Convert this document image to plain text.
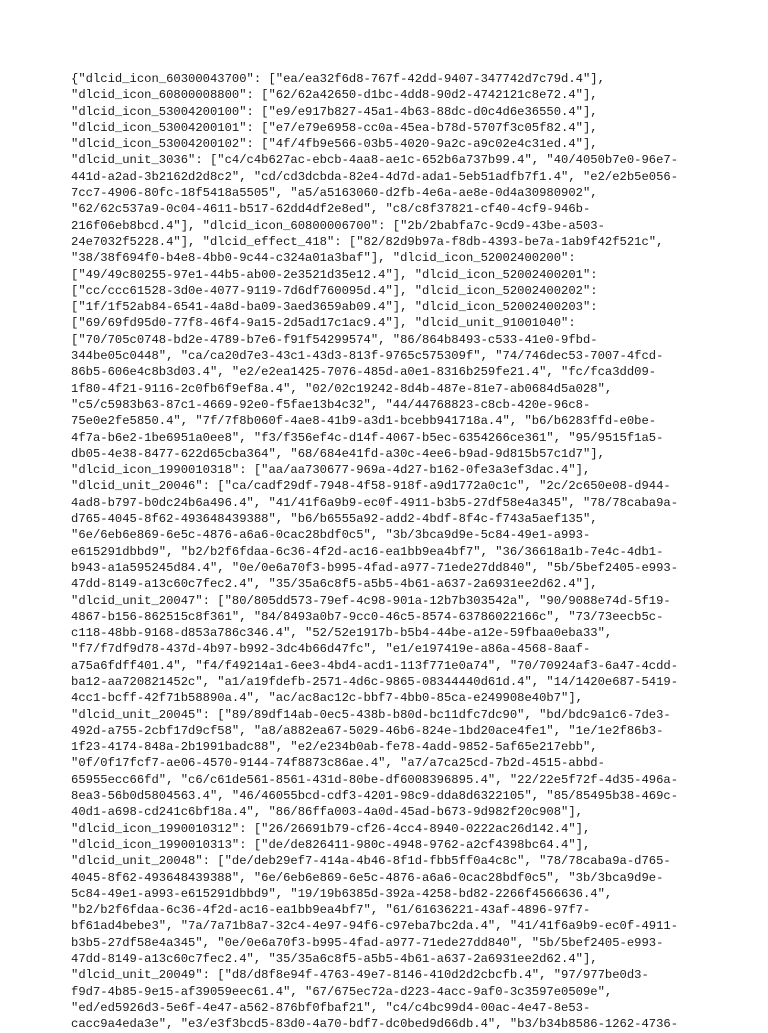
{"dlcid_icon_60300043700": ["ea/ea32f6d8-767f-42dd-9407-347742d7c79d.4"],
"dlcid_icon_60800008800": ["62/62a42650-d1bc-4dd8-90d2-4742121c8e72.4"],
"dlcid_icon_53004200100": ["e9/e917b827-45a1-4b63-88dc-d0c4d6e36550.4"],
"dlcid_icon_53004200101": ["e7/e79e6958-cc0a-45ea-b78d-5707f3c05f82.4"],
"dlcid_icon_53004200102": ["4f/4fb9e566-03b5-4020-9a2c-a9c02e4c31ed.4"],
"dlcid_unit_3036": ["c4/c4b627ac-ebcb-4aa8-ae1c-652b6a737b99.4", "40/4050b7e0-96e7-
441d-a2ad-3b2162d2d8c2", "cd/cd3dcbda-82e4-4d7d-ada1-5eb51adfb7f1.4", "e2/e2b5e056-
7cc7-4906-80fc-18f5418a5505", "a5/a5163060-d2fb-4e6a-ae8e-0d4a30980902",
"62/62c537a9-0c04-4611-b517-62dd4df2e8ed", "c8/c8f37821-cf40-4cf9-946b-
216f06eb8bcd.4"], "dlcid_icon_60800006700": ["2b/2babfa7c-9cd9-43be-a503-
24e7032f5228.4"], "dlcid_effect_418": ["82/82d9b97a-f8db-4393-be7a-1ab9f42f521c",
"38/38f694f0-b4e8-4bb0-9c44-c324a01a3baf"], "dlcid_icon_52002400200":
["49/49c80255-97e1-44b5-ab00-2e3521d35e12.4"], "dlcid_icon_52002400201":
["cc/ccc61528-3d0e-4077-9119-7d6df760095d.4"], "dlcid_icon_52002400202":
["1f/1f52ab84-6541-4a8d-ba09-3aed3659ab09.4"], "dlcid_icon_52002400203":
["69/69fd95d0-77f8-46f4-9a15-2d5ad17c1ac9.4"], "dlcid_unit_91001040":
["70/705c0748-bd2e-4789-b7e6-f91f54299574", "86/864b8493-c533-41e0-9fbd-
344be05c0448", "ca/ca20d7e3-43c1-43d3-813f-9765c575309f", "74/746dec53-7007-4fcd-
86b5-606e4c8b3d03.4", "e2/e2ea1425-7076-485d-a0e1-8316b259fe21.4", "fc/fca3dd09-
1f80-4f21-9116-2c0fb6f9ef8a.4", "02/02c19242-8d4b-487e-81e7-ab0684d5a028",
"c5/c5983b63-87c1-4669-92e0-f5fae13b4c32", "44/44768823-c8cb-420e-96c8-
75e0e2fe5850.4", "7f/7f8b060f-4ae8-41b9-a3d1-bcebb941718a.4", "b6/b6283ffd-e0be-
4f7a-b6e2-1be6951a0ee8", "f3/f356ef4c-d14f-4067-b5ec-6354266ce361", "95/9515f1a5-
db05-4e38-8477-622d65cba364", "68/684e41fd-a30c-4ee6-b9ad-9d815b57c1d7"],
"dlcid_icon_1990010318": ["aa/aa730677-969a-4d27-b162-0fe3a3ef3dac.4"],
"dlcid_unit_20046": ["ca/cadf29df-7948-4f58-918f-a9d1772a0c1c", "2c/2c650e08-d944-
4ad8-b797-b0dc24b6a496.4", "41/41f6a9b9-ec0f-4911-b3b5-27df58e4a345", "78/78caba9a-
d765-4045-8f62-493648439388", "b6/b6555a92-add2-4bdf-8f4c-f743a5aef135",
"6e/6eb6e869-6e5c-4876-a6a6-0cac28bdf0c5", "3b/3bca9d9e-5c84-49e1-a993-
e615291dbbd9", "b2/b2f6fdaa-6c36-4f2d-ac16-ea1bb9ea4bf7", "36/36618a1b-7e4c-4db1-
b943-a1a595245d84.4", "0e/0e6a70f3-b995-4fad-a977-71ede27dd840", "5b/5bef2405-e993-
47dd-8149-a13c60c7fec2.4", "35/35a6c8f5-a5b5-4b61-a637-2a6931ee2d62.4"],
"dlcid_unit_20047": ["80/805dd573-79ef-4c98-901a-12b7b303542a", "90/9088e74d-5f19-
4867-b156-862515c8f361", "84/8493a0b7-9cc0-46c5-8574-63786022166c", "73/73eecb5c-
c118-48bb-9168-d853a786c346.4", "52/52e1917b-b5b4-44be-a12e-59fbaa0eba33",
"f7/f7df9d78-437d-4b97-b992-3dc4b66d47fc", "e1/e197419e-a86a-4568-8aaf-
a75a6fdff401.4", "f4/f49214a1-6ee3-4bd4-acd1-113f771e0a74", "70/70924af3-6a47-4cdd-
ba12-aa720821452c", "a1/a19fdefb-2571-4d6c-9865-08344440d61d.4", "14/1420e687-5419-
4cc1-bcff-42f71b58890a.4", "ac/ac8ac12c-bbf7-4bb0-85ca-e249908e40b7"],
"dlcid_unit_20045": ["89/89df14ab-0ec5-438b-b80d-bc11dfc7dc90", "bd/bdc9a1c6-7de3-
492d-a755-2cbf17d9cf58", "a8/a882ea67-5029-46b6-824e-1bd20ace4fe1", "1e/1e2f86b3-
1f23-4174-848a-2b1991badc88", "e2/e234b0ab-fe78-4add-9852-5af65e217ebb",
"0f/0f17fcf7-ae06-4570-9144-74f8873c86ae.4", "a7/a7ca25cd-7b2d-4515-abbd-
65955ecc66fd", "c6/c61de561-8561-431d-80be-df6008396895.4", "22/22e5f72f-4d35-496a-
8ea3-56b0d5804563.4", "46/46055bcd-cdf3-4201-98c9-dda8d6322105", "85/85495b38-469c-
40d1-a698-cd241c6bf18a.4", "86/86ffa003-4a0d-45ad-b673-9d982f20c908"],
"dlcid_icon_1990010312": ["26/26691b79-cf26-4cc4-8940-0222ac26d142.4"],
"dlcid_icon_1990010313": ["de/de826411-980c-4948-9762-a2cf4398bc64.4"],
"dlcid_unit_20048": ["de/deb29ef7-414a-4b46-8f1d-fbb5ff0a4c8c", "78/78caba9a-d765-
4045-8f62-493648439388", "6e/6eb6e869-6e5c-4876-a6a6-0cac28bdf0c5", "3b/3bca9d9e-
5c84-49e1-a993-e615291dbbd9", "19/19b6385d-392a-4258-bd82-2266f4566636.4",
"b2/b2f6fdaa-6c36-4f2d-ac16-ea1bb9ea4bf7", "61/61636221-43af-4896-97f7-
bf61ad4bebe3", "7a/7a71b8a7-32c4-4e97-94f6-c97eba7bc2da.4", "41/41f6a9b9-ec0f-4911-
b3b5-27df58e4a345", "0e/0e6a70f3-b995-4fad-a977-71ede27dd840", "5b/5bef2405-e993-
47dd-8149-a13c60c7fec2.4", "35/35a6c8f5-a5b5-4b61-a637-2a6931ee2d62.4"],
"dlcid_unit_20049": ["d8/d8f8e94f-4763-49e7-8146-410d2d2cbcfb.4", "97/977be0d3-
f9d7-4b85-9e15-af39059eec61.4", "67/675ec72a-d223-4acc-9af0-3c3597e0509e",
"ed/ed5926d3-5e6f-4e47-a562-876bf0fbaf21", "c4/c4bc99d4-00ac-4e47-8e53-
cacc9a4eda3e", "e3/e3f3bcd5-83d0-4a70-bdf7-dc0bed9d66db.4", "b3/b34b8586-1262-4736-
